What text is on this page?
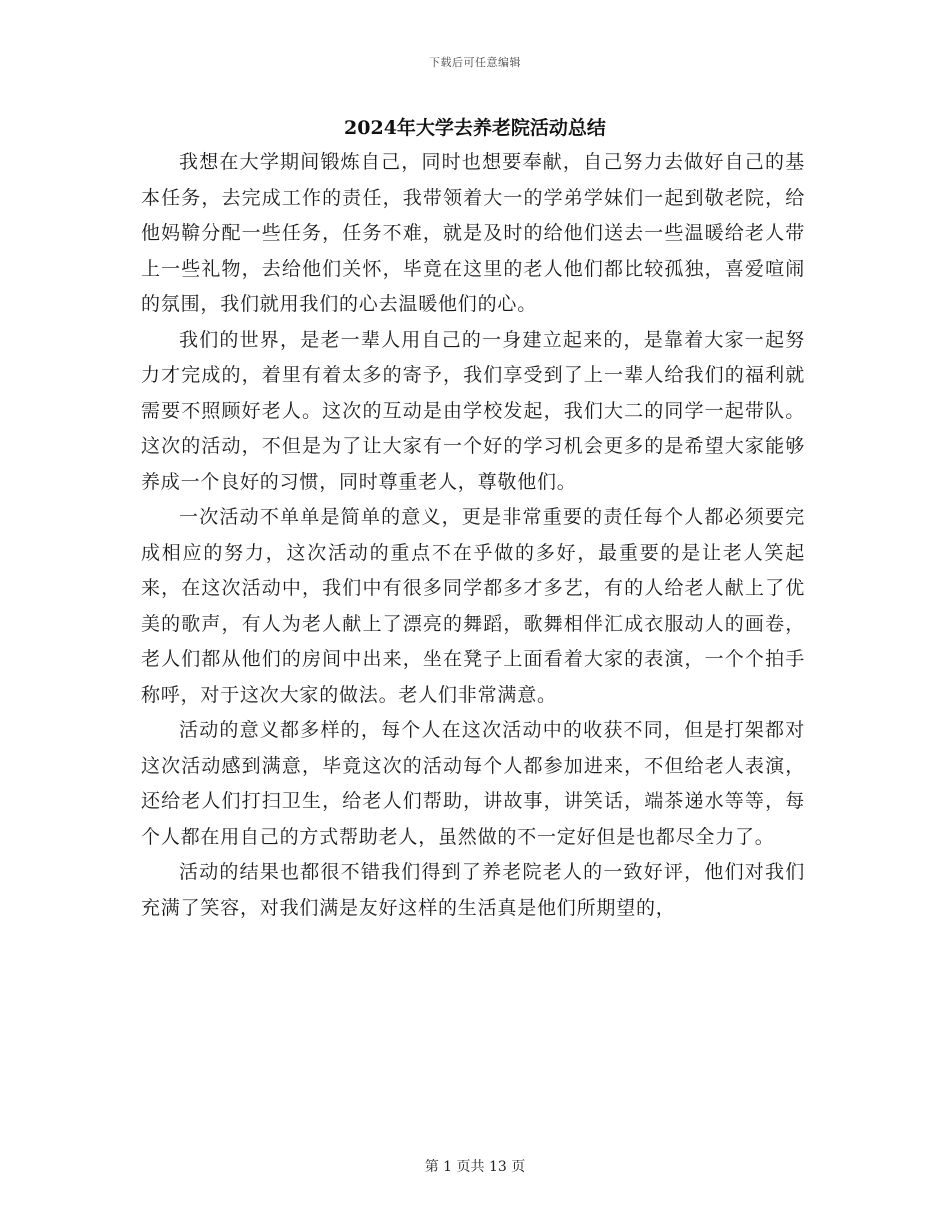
下载后可任意编辑
2024年大学去养老院活动总结

我想在大学期间锻炼自己，同时也想要奉献，自己努力去做好自己的基本任务，去完成工作的责任，我带领着大一的学弟学妹们一起到敬老院，给他妈鞥分配一些任务，任务不难，就是及时的给他们送去一些温暖给老人带上一些礼物，去给他们关怀，毕竟在这里的老人他们都比较孤独，喜爱喧闹的氛围，我们就用我们的心去温暖他们的心。

我们的世界，是老一辈人用自己的一身建立起来的，是靠着大家一起努力才完成的，着里有着太多的寄予，我们享受到了上一辈人给我们的福利就需要不照顾好老人。这次的互动是由学校发起，我们大二的同学一起带队。这次的活动，不但是为了让大家有一个好的学习机会更多的是希望大家能够养成一个良好的习惯，同时尊重老人，尊敬他们。

一次活动不单单是简单的意义，更是非常重要的责任每个人都必须要完成相应的努力，这次活动的重点不在乎做的多好，最重要的是让老人笑起来，在这次活动中，我们中有很多同学都多才多艺，有的人给老人献上了优美的歌声，有人为老人献上了漂亮的舞蹈，歌舞相伴汇成衣服动人的画卷，老人们都从他们的房间中出来，坐在凳子上面看着大家的表演，一个个拍手称呼，对于这次大家的做法。老人们非常满意。

活动的意义都多样的，每个人在这次活动中的收获不同，但是打架都对这次活动感到满意，毕竟这次的活动每个人都参加进来，不但给老人表演，还给老人们打扫卫生，给老人们帮助，讲故事，讲笑话，端茶递水等等，每个人都在用自己的方式帮助老人，虽然做的不一定好但是也都尽全力了。

活动的结果也都很不错我们得到了养老院老人的一致好评，他们对我们充满了笑容，对我们满是友好这样的生活真是他们所期望的，

第 1 页共 13 页
